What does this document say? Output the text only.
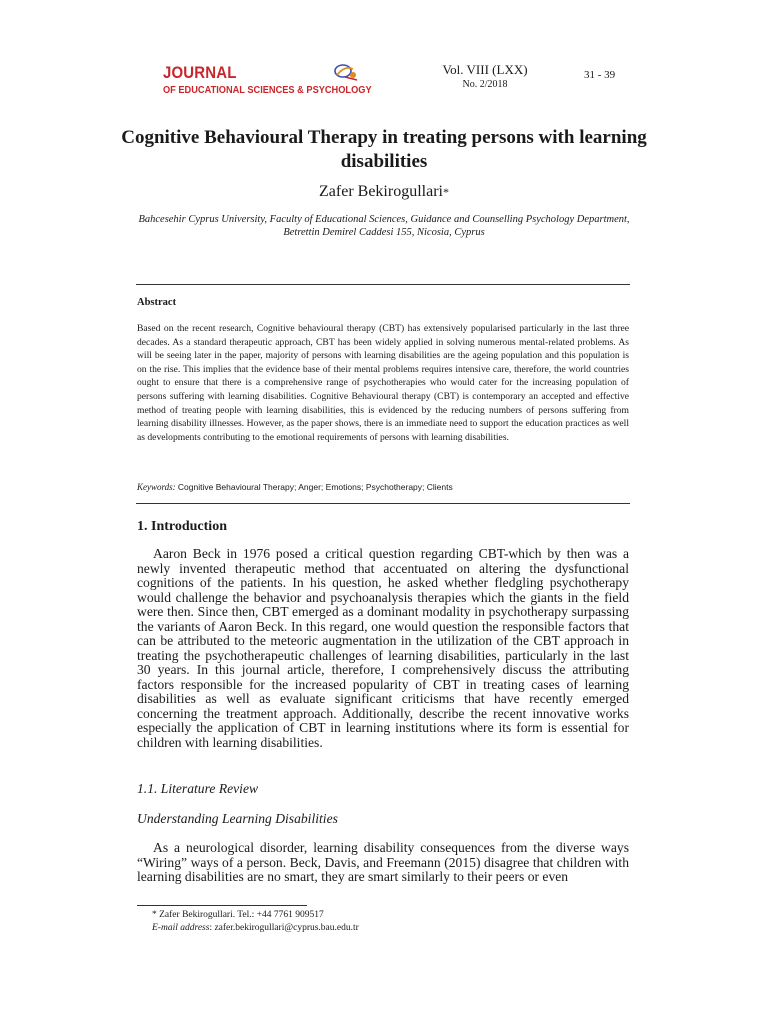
JOURNAL
OF EDUCATIONAL SCIENCES & PSYCHOLOGY
Vol. VIII (LXX)
No. 2/2018
31 - 39
Cognitive Behavioural Therapy in treating persons with learning disabilities
Zafer Bekirogullari*
Bahcesehir Cyprus University, Faculty of Educational Sciences, Guidance and Counselling Psychology Department, Betrettin Demirel Caddesi 155, Nicosia, Cyprus
Abstract
Based on the recent research, Cognitive behavioural therapy (CBT) has extensively popularised particularly in the last three decades. As a standard therapeutic approach, CBT has been widely applied in solving numerous mental-related problems. As will be seeing later in the paper, majority of persons with learning disabilities are the ageing population and this population is on the rise. This implies that the evidence base of their mental problems requires intensive care, therefore, the world countries ought to ensure that there is a comprehensive range of psychotherapies who would cater for the increasing population of persons suffering with learning disabilities. Cognitive Behavioural therapy (CBT) is contemporary an accepted and effective method of treating people with learning disabilities, this is evidenced by the reducing numbers of persons suffering from learning disability illnesses. However, as the paper shows, there is an immediate need to support the education practices as well as developments contributing to the emotional requirements of persons with learning disabilities.
Keywords: Cognitive Behavioural Therapy; Anger; Emotions; Psychotherapy; Clients
1. Introduction
Aaron Beck in 1976 posed a critical question regarding CBT-which by then was a newly invented therapeutic method that accentuated on altering the dysfunctional cognitions of the patients. In his question, he asked whether fledgling psychotherapy would challenge the behavior and psychoanalysis therapies which the giants in the field were then. Since then, CBT emerged as a dominant modality in psychotherapy surpassing the variants of Aaron Beck. In this regard, one would question the responsible factors that can be attributed to the meteoric augmentation in the utilization of the CBT approach in treating the psychotherapeutic challenges of learning disabilities, particularly in the last 30 years. In this journal article, therefore, I comprehensively discuss the attributing factors responsible for the increased popularity of CBT in treating cases of learning disabilities as well as evaluate significant criticisms that have recently emerged concerning the treatment approach. Additionally, describe the recent innovative works especially the application of CBT in learning institutions where its form is essential for children with learning disabilities.
1.1. Literature Review
Understanding Learning Disabilities
As a neurological disorder, learning disability consequences from the diverse ways “Wiring” ways of a person. Beck, Davis, and Freemann (2015) disagree that children with learning disabilities are no smart, they are smart similarly to their peers or even
* Zafer Bekirogullari. Tel.: +44 7761 909517
E-mail address: zafer.bekirogullari@cyprus.bau.edu.tr
